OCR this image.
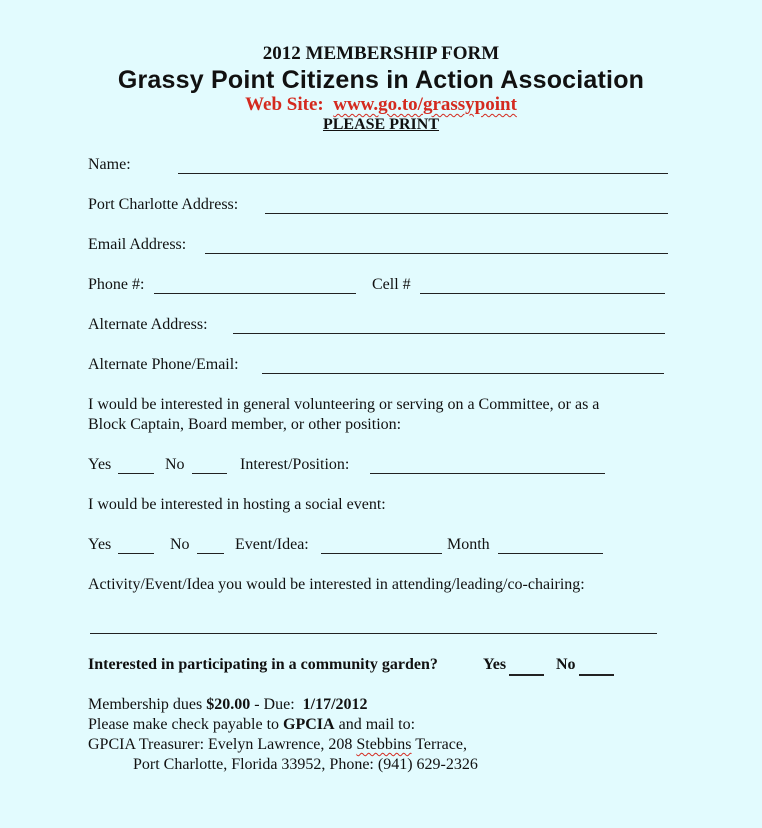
2012 MEMBERSHIP FORM
Grassy Point Citizens in Action Association
Web Site: www.go.to/grassypoint
PLEASE PRINT
Name:
Port Charlotte Address:
Email Address:
Phone #:	Cell #
Alternate Address:
Alternate Phone/Email:
I would be interested in general volunteering or serving on a Committee, or as a
Block Captain, Board member, or other position:
Yes	No	Interest/Position:
I would be interested in hosting a social event:
Yes	No	Event/Idea:	Month
Activity/Event/Idea you would be interested in attending/leading/co-chairing:
Interested in participating in a community garden?	Yes	No
Membership dues $20.00 - Due: 1/17/2012
Please make check payable to GPCIA and mail to:
GPCIA Treasurer: Evelyn Lawrence, 208 Stebbins Terrace,
Port Charlotte, Florida 33952, Phone: (941) 629-2326
